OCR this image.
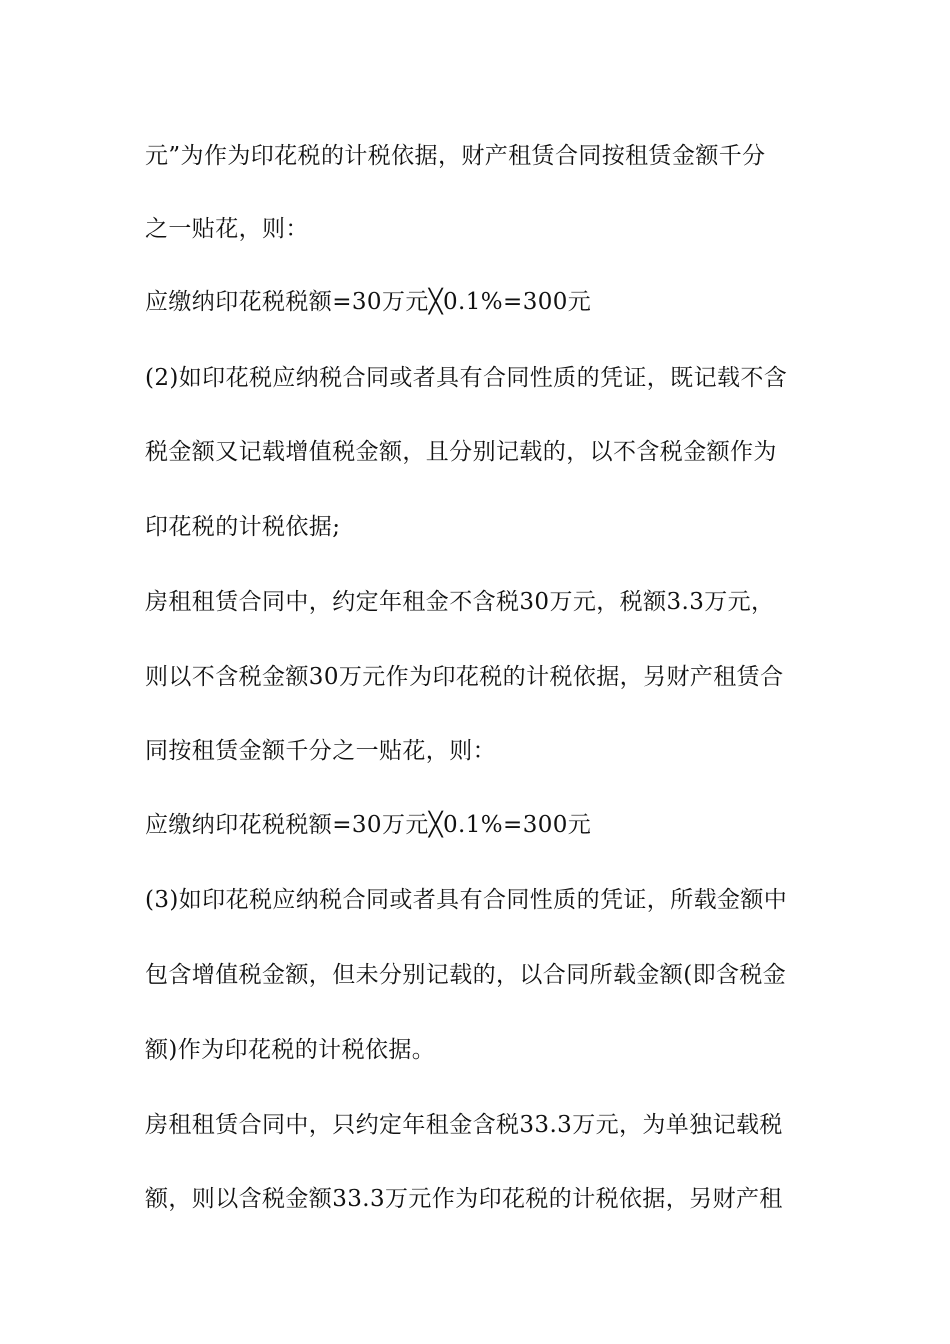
元”为作为印花税的计税依据，财产租赁合同按租赁金额千分
之一贴花，则：
应缴纳印花税税额=30万元╳0.1%=300元
(2)如印花税应纳税合同或者具有合同性质的凭证，既记载不含
税金额又记载增值税金额，且分别记载的，以不含税金额作为
印花税的计税依据;
房租租赁合同中，约定年租金不含税30万元，税额3.3万元，
则以不含税金额30万元作为印花税的计税依据，另财产租赁合
同按租赁金额千分之一贴花，则：
应缴纳印花税税额=30万元╳0.1%=300元
(3)如印花税应纳税合同或者具有合同性质的凭证，所载金额中
包含增值税金额，但未分别记载的，以合同所载金额(即含税金
额)作为印花税的计税依据。
房租租赁合同中，只约定年租金含税33.3万元，为单独记载税
额，则以含税金额33.3万元作为印花税的计税依据，另财产租
